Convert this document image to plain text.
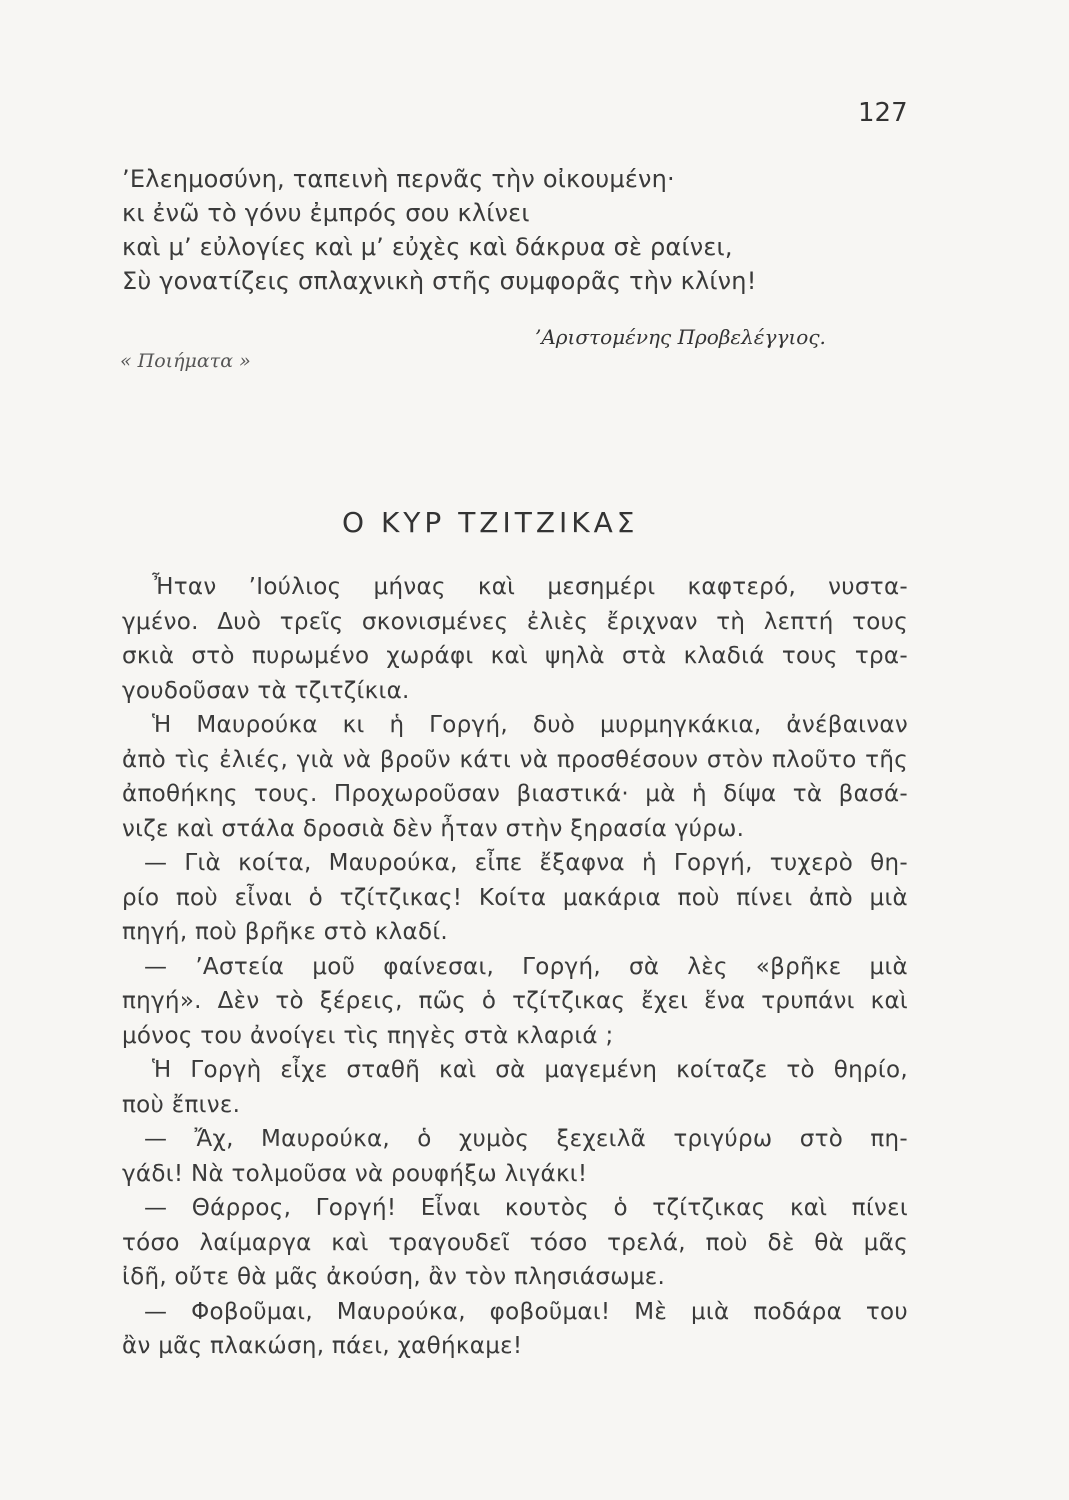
127
’Ελεημοσύνη, ταπεινὴ περνᾶς τὴν οἰκουμένη·
κι ἐνῶ τὸ γόνυ ἐμπρός σου κλίνει
καὶ μ’ εὐλογίες καὶ μ’ εὐχὲς καὶ δάκρυα σὲ ραίνει,
Σὺ γονατίζεις σπλαχνικὴ στῆς συμφορᾶς τὴν κλίνη!
’Αριστομένης Προβελέγγιος.
« Ποιήματα »
Ο ΚΥΡ ΤΖΙΤΖΙΚΑΣ
Ἦταν ’Ιούλιος μήνας καὶ μεσημέρι καφτερό, νυστα-
γμένο. Δυὸ τρεῖς σκονισμένες ἐλιὲς ἔριχναν τὴ λεπτή τους
σκιὰ στὸ πυρωμένο χωράφι καὶ ψηλὰ στὰ κλαδιά τους τρα-
γουδοῦσαν τὰ τζιτζίκια.
Ἡ Μαυρούκα κι ἡ Γοργή, δυὸ μυρμηγκάκια, ἀνέβαιναν
ἀπὸ τὶς ἐλιές, γιὰ νὰ βροῦν κάτι νὰ προσθέσουν στὸν πλοῦτο τῆς
ἀποθήκης τους. Προχωροῦσαν βιαστικά· μὰ ἡ δίψα τὰ βασά-
νιζε καὶ στάλα δροσιὰ δὲν ἦταν στὴν ξηρασία γύρω.
— Γιὰ κοίτα, Μαυρούκα, εἶπε ἔξαφνα ἡ Γοργή, τυχερὸ θη-
ρίο ποὺ εἶναι ὁ τζίτζικας! Κοίτα μακάρια ποὺ πίνει ἀπὸ μιὰ
πηγή, ποὺ βρῆκε στὸ κλαδί.
— ’Αστεία μοῦ φαίνεσαι, Γοργή, σὰ λὲς «βρῆκε μιὰ
πηγή». Δὲν τὸ ξέρεις, πῶς ὁ τζίτζικας ἔχει ἕνα τρυπάνι καὶ
μόνος του ἀνοίγει τὶς πηγὲς στὰ κλαριά ;
Ἡ Γοργὴ εἶχε σταθῆ καὶ σὰ μαγεμένη κοίταζε τὸ θηρίο,
ποὺ ἔπινε.
— Ἄχ, Μαυρούκα, ὁ χυμὸς ξεχειλᾶ τριγύρω στὸ πη-
γάδι! Νὰ τολμοῦσα νὰ ρουφήξω λιγάκι!
— Θάρρος, Γοργή! Εἶναι κουτὸς ὁ τζίτζικας καὶ πίνει
τόσο λαίμαργα καὶ τραγουδεῖ τόσο τρελά, ποὺ δὲ θὰ μᾶς
ἰδῆ, οὔτε θὰ μᾶς ἀκούση, ἂν τὸν πλησιάσωμε.
— Φοβοῦμαι, Μαυρούκα, φοβοῦμαι! Μὲ μιὰ ποδάρα του
ἂν μᾶς πλακώση, πάει, χαθήκαμε!
